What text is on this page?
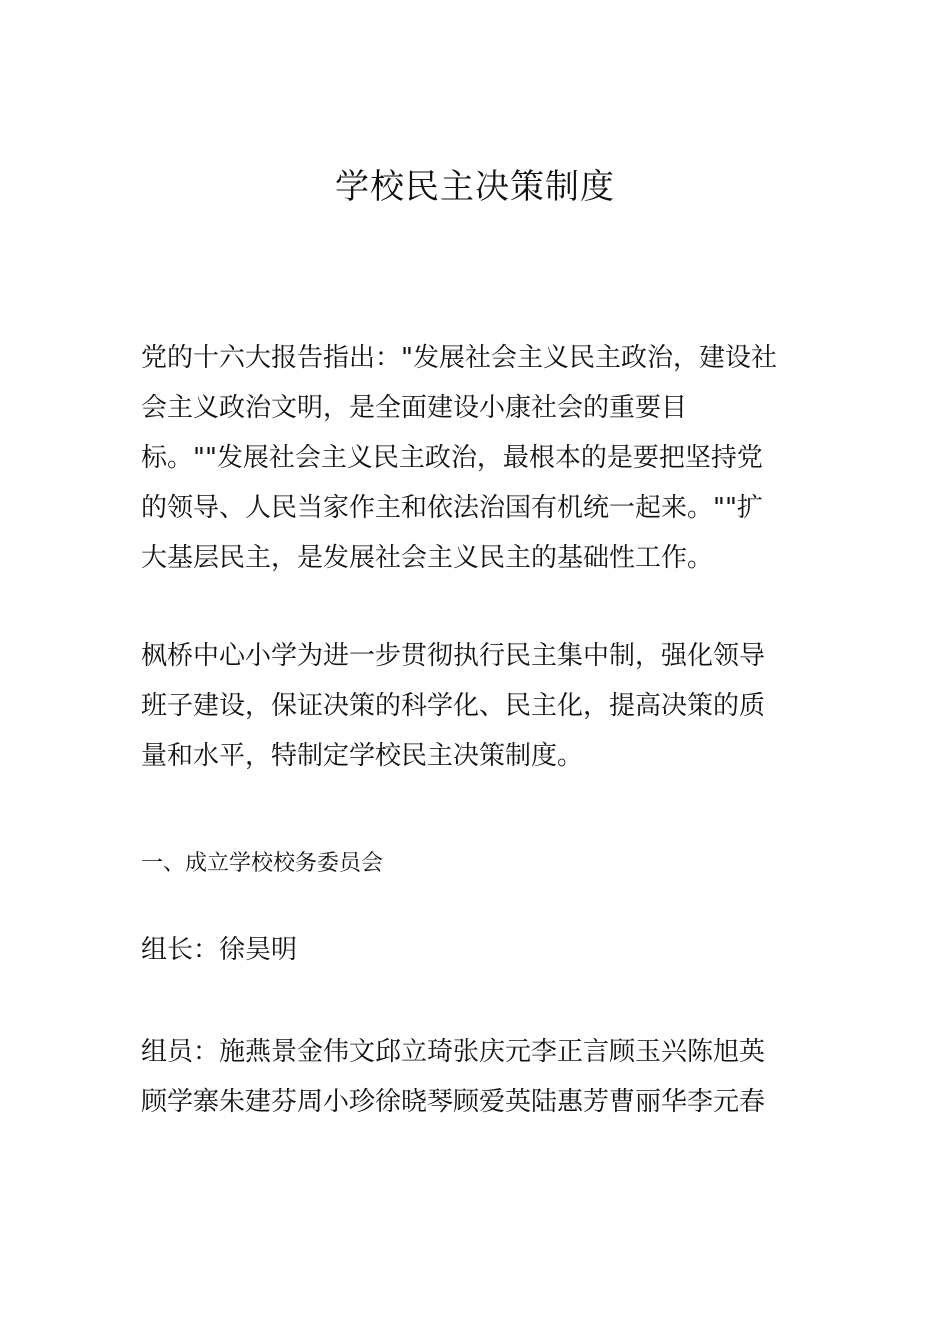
学校民主决策制度

党的十六大报告指出："发展社会主义民主政治，建设社
会主义政治文明，是全面建设小康社会的重要目
标。""发展社会主义民主政治，最根本的是要把坚持党
的领导、人民当家作主和依法治国有机统一起来。""扩
大基层民主，是发展社会主义民主的基础性工作。

枫桥中心小学为进一步贯彻执行民主集中制，强化领导
班子建设，保证决策的科学化、民主化，提高决策的质
量和水平，特制定学校民主决策制度。

一、成立学校校务委员会

组长：徐昊明

组员：施燕景金伟文邱立琦张庆元李正言顾玉兴陈旭英
顾学寨朱建芬周小珍徐晓琴顾爱英陆惠芳曹丽华李元春
